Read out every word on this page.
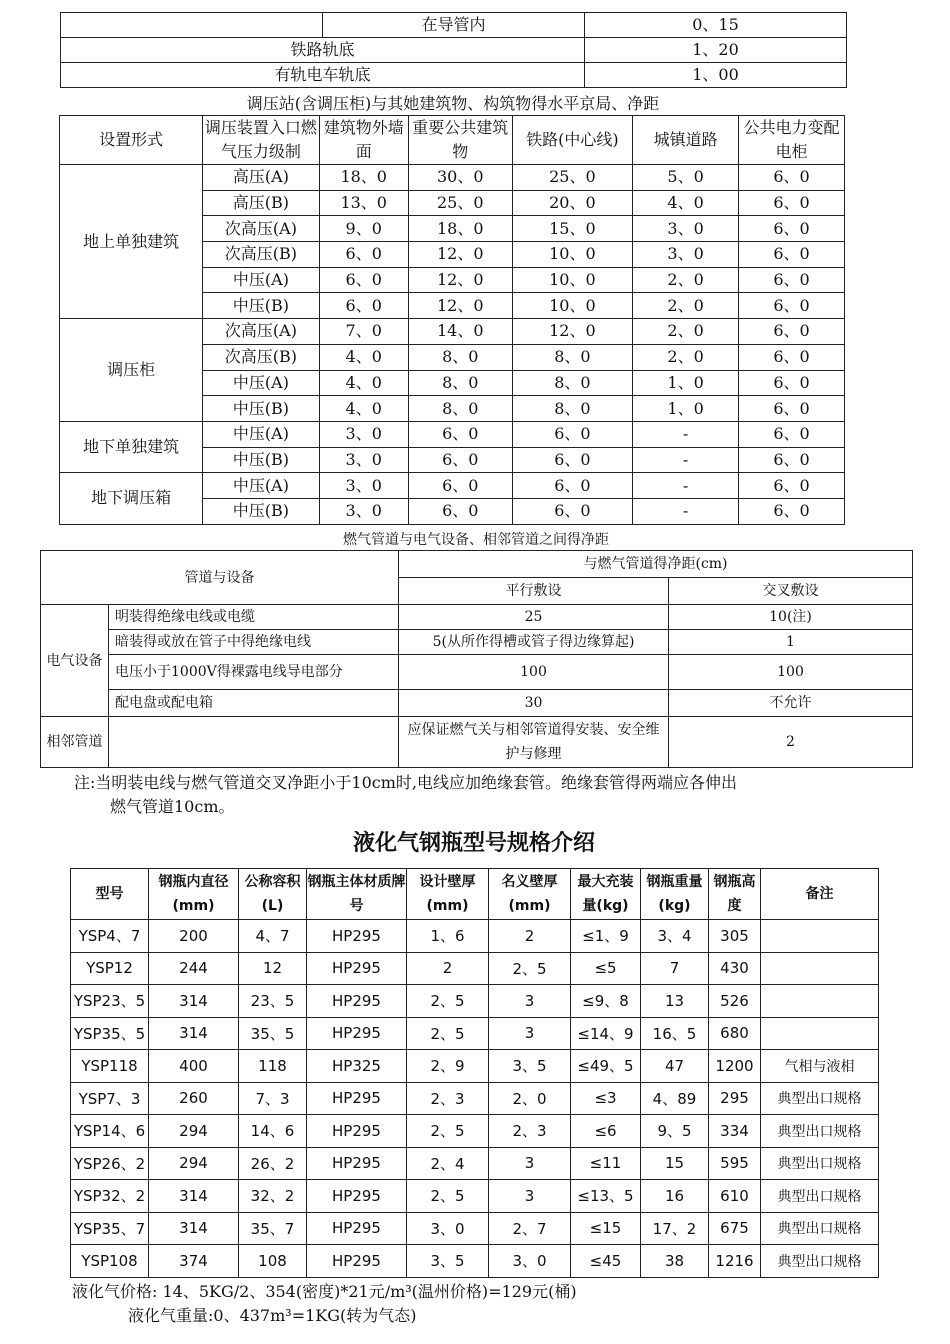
	在导管内	0、15
铁路轨底		1、20
有轨电车轨底		1、00
调压站(含调压柜)与其她建筑物、构筑物得水平京局、净距
设置形式	调压装置入口燃气压力级制	建筑物外墙面	重要公共建筑物	铁路(中心线)	城镇道路	公共电力变配电柜
地上单独建筑	高压(A)	18、0	30、0	25、0	5、0	6、0
	高压(B)	13、0	25、0	20、0	4、0	6、0
	次高压(A)	9、0	18、0	15、0	3、0	6、0
	次高压(B)	6、0	12、0	10、0	3、0	6、0
	中压(A)	6、0	12、0	10、0	2、0	6、0
	中压(B)	6、0	12、0	10、0	2、0	6、0
调压柜	次高压(A)	7、0	14、0	12、0	2、0	6、0
	次高压(B)	4、0	8、0	8、0	2、0	6、0
	中压(A)	4、0	8、0	8、0	1、0	6、0
	中压(B)	4、0	8、0	8、0	1、0	6、0
地下单独建筑	中压(A)	3、0	6、0	6、0	-	6、0
	中压(B)	3、0	6、0	6、0	-	6、0
地下调压箱	中压(A)	3、0	6、0	6、0	-	6、0
	中压(B)	3、0	6、0	6、0	-	6、0
燃气管道与电气设备、相邻管道之间得净距
管道与设备		与燃气管道得净距(cm)	
		平行敷设	交叉敷设
电气设备	明装得绝缘电线或电缆	25	10(注)
	暗装得或放在管子中得绝缘电线	5(从所作得槽或管子得边缘算起)	1
	电压小于1000V得裸露电线导电部分	100	100
	配电盘或配电箱	30	不允许
相邻管道		应保证燃气关与相邻管道得安装、安全维护与修理	2
注:当明装电线与燃气管道交叉净距小于10cm时,电线应加绝缘套管。绝缘套管得两端应各伸出
燃气管道10cm。
液化气钢瓶型号规格介绍
型号	钢瓶内直径(mm)	公称容积(L)	钢瓶主体材质牌号	设计壁厚(mm)	名义壁厚(mm)	最大充装量(kg)	钢瓶重量(kg)	钢瓶高度	备注
YSP4、7	200	4、7	HP295	1、6	2	≤1、9	3、4	305	
YSP12	244	12	HP295	2	2、5	≤5	7	430	
YSP23、5	314	23、5	HP295	2、5	3	≤9、8	13	526	
YSP35、5	314	35、5	HP295	2、5	3	≤14、9	16、5	680	
YSP118	400	118	HP325	2、9	3、5	≤49、5	47	1200	气相与液相
YSP7、3	260	7、3	HP295	2、3	2、0	≤3	4、89	295	典型出口规格
YSP14、6	294	14、6	HP295	2、5	2、3	≤6	9、5	334	典型出口规格
YSP26、2	294	26、2	HP295	2、4	3	≤11	15	595	典型出口规格
YSP32、2	314	32、2	HP295	2、5	3	≤13、5	16	610	典型出口规格
YSP35、7	314	35、7	HP295	3、0	2、7	≤15	17、2	675	典型出口规格
YSP108	374	108	HP295	3、5	3、0	≤45	38	1216	典型出口规格
液化气价格: 14、5KG/2、354(密度)*21元/m³(温州价格)=129元(桶)
液化气重量:0、437m³=1KG(转为气态)
